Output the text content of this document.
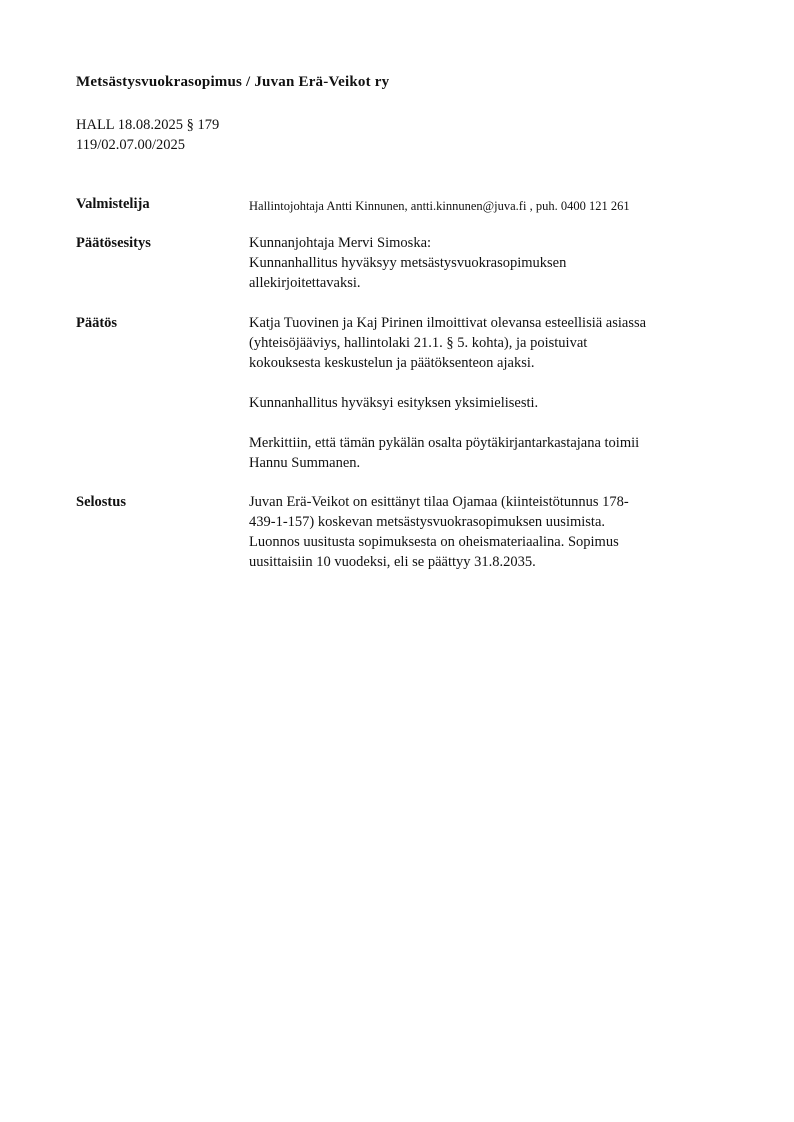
Metsästysvuokrasopimus / Juvan Erä-Veikot ry
HALL 18.08.2025 § 179
119/02.07.00/2025
Valmistelija	Hallintojohtaja Antti Kinnunen, antti.kinnunen@juva.fi , puh. 0400 121 261
Päätösesitys	Kunnanjohtaja Mervi Simoska:
Kunnanhallitus hyväksyy metsästysvuokrasopimuksen
allekirjoitettavaksi.
Päätös	Katja Tuovinen ja Kaj Pirinen ilmoittivat olevansa esteellisiä asiassa
(yhteisöjääviys, hallintolaki 21.1. § 5. kohta), ja poistuivat
kokouksesta keskustelun ja päätöksenteon ajaksi.

Kunnanhallitus hyväksyi esityksen yksimielisesti.

Merkittiin, että tämän pykälän osalta pöytäkirjantarkastajana toimii
Hannu Summanen.

Selostus	Juvan Erä-Veikot on esittänyt tilaa Ojamaa (kiinteistötunnus 178-
439-1-157) koskevan metsästysvuokrasopimuksen uusimista.
Luonnos uusitusta sopimuksesta on oheismateriaalina. Sopimus
uusittaisiin 10 vuodeksi, eli se päättyy 31.8.2035.
